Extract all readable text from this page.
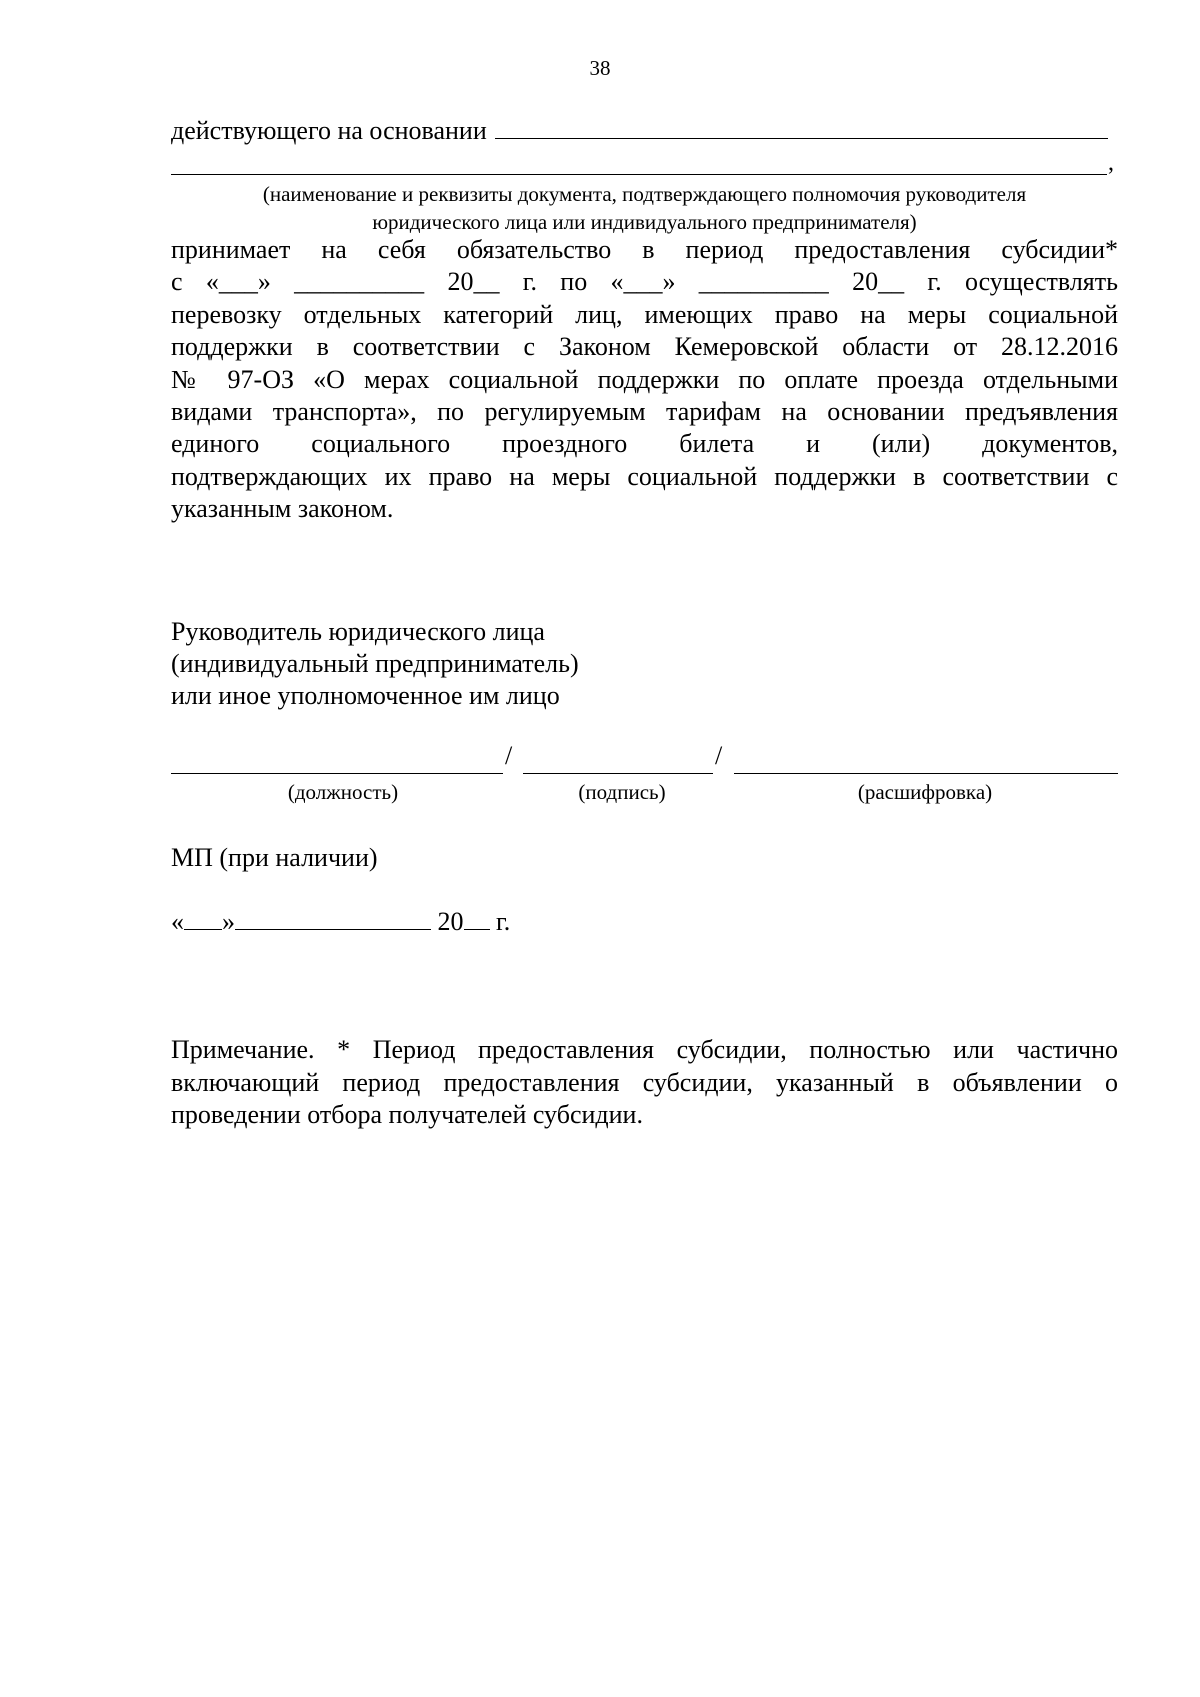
38
действующего на основании
,
(наименование и реквизиты документа, подтверждающего полномочия руководителя
юридического лица или индивидуального предпринимателя)
принимает на себя обязательство в период предоставления субсидии*
с «___» __________ 20__ г. по «___» __________ 20__ г. осуществлять
перевозку отдельных категорий лиц, имеющих право на меры социальной
поддержки в соответствии с Законом Кемеровской области от 28.12.2016
№ 97-ОЗ «О мерах социальной поддержки по оплате проезда отдельными
видами транспорта», по регулируемым тарифам на основании предъявления
единого социального проездного билета и (или) документов,
подтверждающих их право на меры социальной поддержки в соответствии с
указанным законом.
Руководитель юридического лица
(индивидуальный предприниматель)
или иное уполномоченное им лицо
/	/
(должность)	(подпись)	(расшифровка)
МП (при наличии)
« »	20 г.
Примечание. * Период предоставления субсидии, полностью или частично
включающий период предоставления субсидии, указанный в объявлении о
проведении отбора получателей субсидии.
